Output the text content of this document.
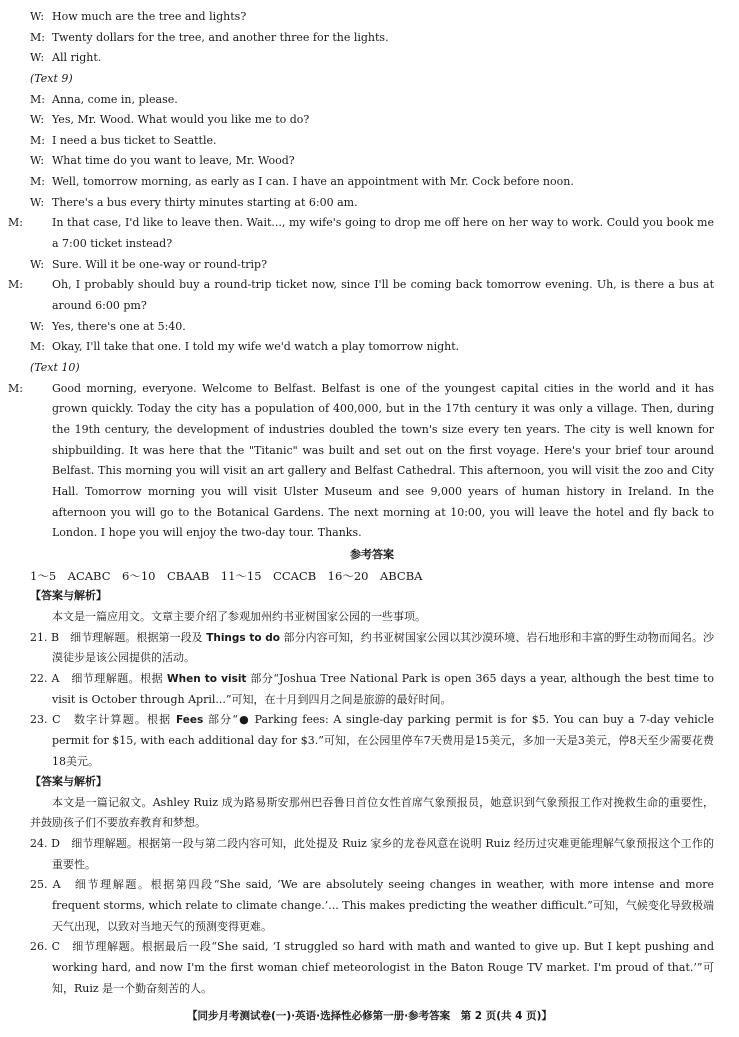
W: How much are the tree and lights?
M: Twenty dollars for the tree, and another three for the lights.
W: All right.
(Text 9)
M: Anna, come in, please.
W: Yes, Mr. Wood. What would you like me to do?
M: I need a bus ticket to Seattle.
W: What time do you want to leave, Mr. Wood?
M: Well, tomorrow morning, as early as I can. I have an appointment with Mr. Cock before noon.
W: There's a bus every thirty minutes starting at 6:00 am.
M:	In that case, I'd like to leave then. Wait..., my wife's going to drop me off here on her way to work. Could you book me a 7:00 ticket instead?
W: Sure. Will it be one-way or round-trip?
M:	Oh, I probably should buy a round-trip ticket now, since I'll be coming back tomorrow evening. Uh, is there a bus at around 6:00 pm?
W: Yes, there's one at 5:40.
M: Okay, I'll take that one. I told my wife we'd watch a play tomorrow night.
(Text 10)
M:	Good morning, everyone. Welcome to Belfast. Belfast is one of the youngest capital cities in the world and it has grown quickly. Today the city has a population of 400,000, but in the 17th century it was only a village. Then, during the 19th century, the development of industries doubled the town's size every ten years. The city is well known for shipbuilding. It was here that the "Titanic" was built and set out on the first voyage. Here's your brief tour around Belfast. This morning you will visit an art gallery and Belfast Cathedral. This afternoon, you will visit the zoo and City Hall. Tomorrow morning you will visit Ulster Museum and see 9,000 years of human history in Ireland. In the afternoon you will go to the Botanical Gardens. The next morning at 10:00, you will leave the hotel and fly back to London. I hope you will enjoy the two-day tour. Thanks.
参考答案
1～5　ACABC　6～10　CBAAB　11～15　CCACB　16～20　ABCBA
【答案与解析】
本文是一篇应用文。文章主要介绍了参观加州约书亚树国家公园的一些事项。
21. B　细节理解题。根据第一段及 Things to do 部分内容可知，约书亚树国家公园以其沙漠环境、岩石地形和丰富的野生动物而闻名。沙漠徒步是该公园提供的活动。
22. A　细节理解题。根据 When to visit 部分“Joshua Tree National Park is open 365 days a year, although the best time to visit is October through April...”可知，在十月到四月之间是旅游的最好时间。
23. C　数字计算题。根据 Fees 部分“● Parking fees: A single-day parking permit is for $5. You can buy a 7-day vehicle permit for $15, with each additional day for $3.”可知，在公园里停车7天费用是15美元，多加一天是3美元，停8天至少需要花费18美元。
【答案与解析】
本文是一篇记叙文。Ashley Ruiz 成为路易斯安那州巴吞鲁日首位女性首席气象预报员，她意识到气象预报工作对挽救生命的重要性，并鼓励孩子们不要放弃教育和梦想。
24. D　细节理解题。根据第一段与第二段内容可知，此处提及 Ruiz 家乡的龙卷风意在说明 Ruiz 经历过灾难更能理解气象预报这个工作的重要性。
25. A　细节理解题。根据第四段“She said, ‘We are absolutely seeing changes in weather, with more intense and more frequent storms, which relate to climate change.’... This makes predicting the weather difficult.”可知，气候变化导致极端天气出现，以致对当地天气的预测变得更难。
26. C　细节理解题。根据最后一段“She said, ‘I struggled so hard with math and wanted to give up. But I kept pushing and working hard, and now I'm the first woman chief meteorologist in the Baton Rouge TV market. I'm proud of that.’”可知，Ruiz 是一个勤奋刻苦的人。
【同步月考测试卷(一)·英语·选择性必修第一册·参考答案　第 2 页(共 4 页)】
